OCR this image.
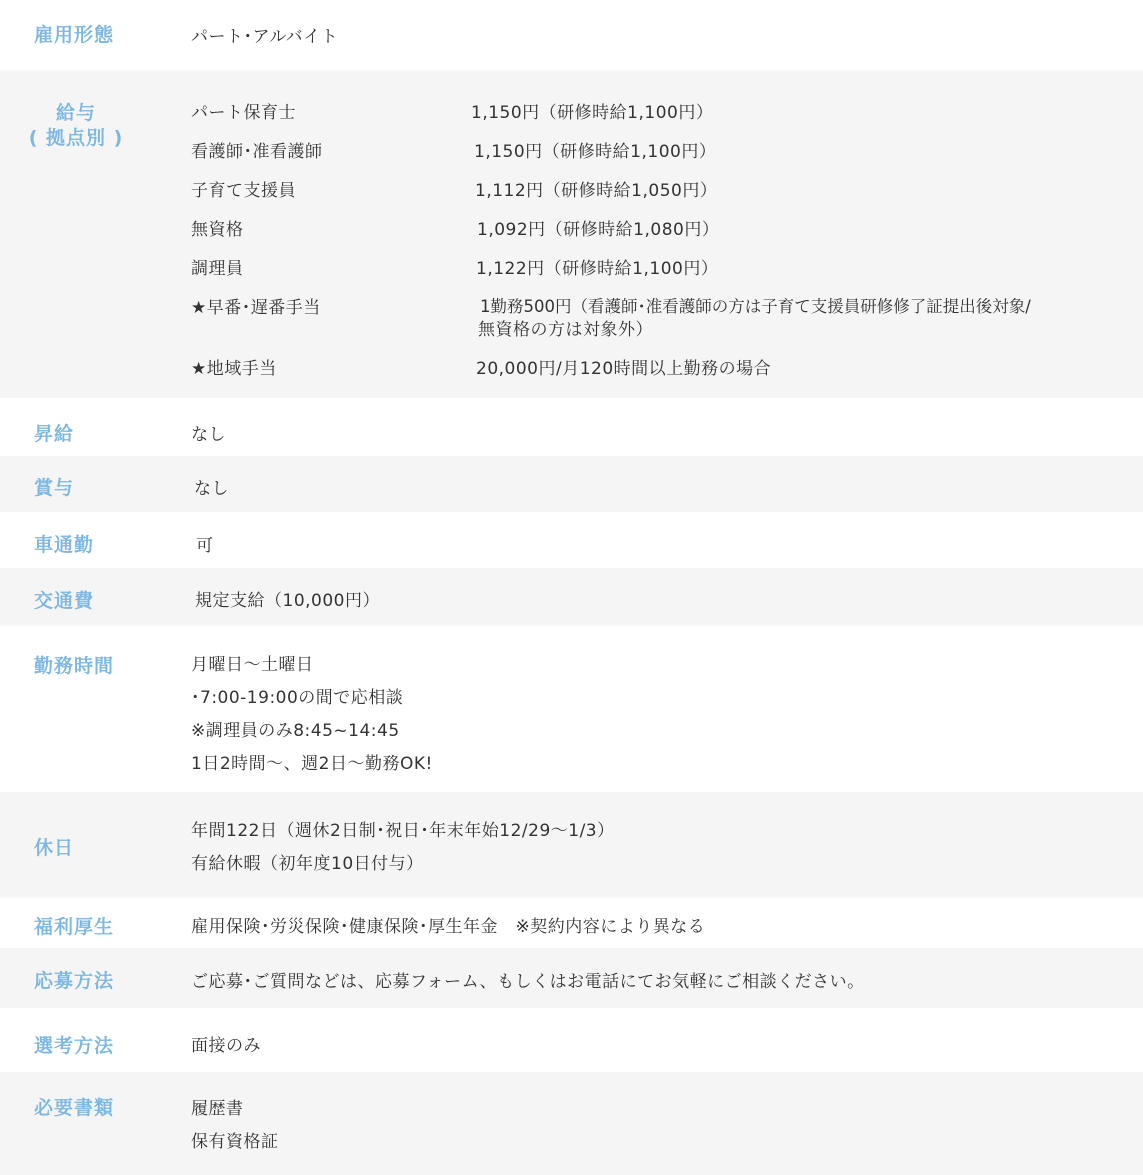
雇用形態	パート･アルバイト
給与
( 拠点別 )
パート保育士	1,150円（研修時給1,100円）
看護師･准看護師	1,150円（研修時給1,100円）
子育て支援員	1,112円（研修時給1,050円）
無資格	1,092円（研修時給1,080円）
調理員	1,122円（研修時給1,100円）
★早番･遅番手当	1勤務500円（看護師･准看護師の方は子育て支援員研修修了証提出後対象/
無資格の方は対象外）
★地域手当	20,000円/月120時間以上勤務の場合
昇給	なし
賞与	なし
車通勤	可
交通費	規定支給（10,000円）
勤務時間	月曜日〜土曜日
･7:00-19:00の間で応相談
※調理員のみ8:45~14:45
1日2時間〜、週2日〜勤務OK!
休日
年間122日（週休2日制･祝日･年末年始12/29〜1/3）
有給休暇（初年度10日付与）
福利厚生	雇用保険･労災保険･健康保険･厚生年金　※契約内容により異なる
応募方法	ご応募･ご質問などは、応募フォーム、もしくはお電話にてお気軽にご相談ください。
選考方法	面接のみ
必要書類	履歴書
保有資格証
